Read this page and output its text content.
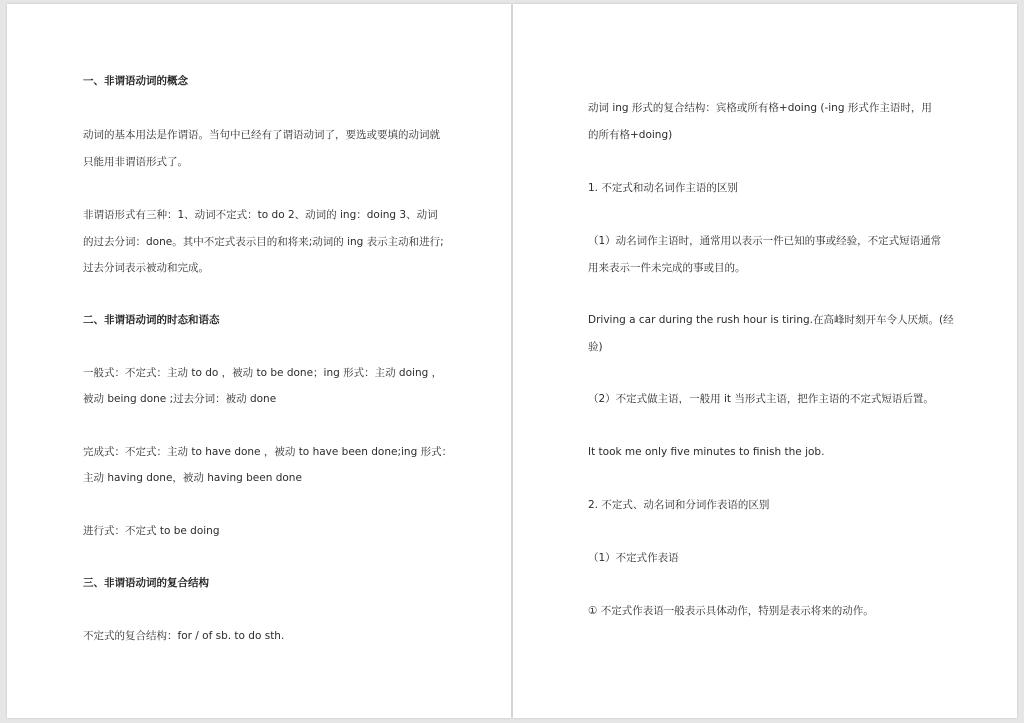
一、非谓语动词的概念
动词的基本用法是作谓语。当句中已经有了谓语动词了，要选或要填的动词就
只能用非谓语形式了。
非谓语形式有三种：1、动词不定式：to do 2、动词的 ing：doing 3、动词
的过去分词：done。其中不定式表示目的和将来;动词的 ing 表示主动和进行;
过去分词表示被动和完成。
二、非谓语动词的时态和语态
一般式：不定式：主动 to do ，被动 to be done；ing 形式：主动 doing ，
被动 being done ;过去分词：被动 done
完成式：不定式：主动 to have done ，被动 to have been done;ing 形式：
主动 having done，被动 having been done
进行式：不定式 to be doing
三、非谓语动词的复合结构
不定式的复合结构：for / of sb. to do sth.
动词 ing 形式的复合结构：宾格或所有格+doing (-ing 形式作主语时，用
的所有格+doing)
1. 不定式和动名词作主语的区别
（1）动名词作主语时，通常用以表示一件已知的事或经验，不定式短语通常
用来表示一件未完成的事或目的。
Driving a car during the rush hour is tiring.在高峰时刻开车令人厌烦。(经
验)
（2）不定式做主语，一般用 it 当形式主语，把作主语的不定式短语后置。
It took me only five minutes to finish the job.
2. 不定式、动名词和分词作表语的区别
（1）不定式作表语
① 不定式作表语一般表示具体动作，特别是表示将来的动作。
